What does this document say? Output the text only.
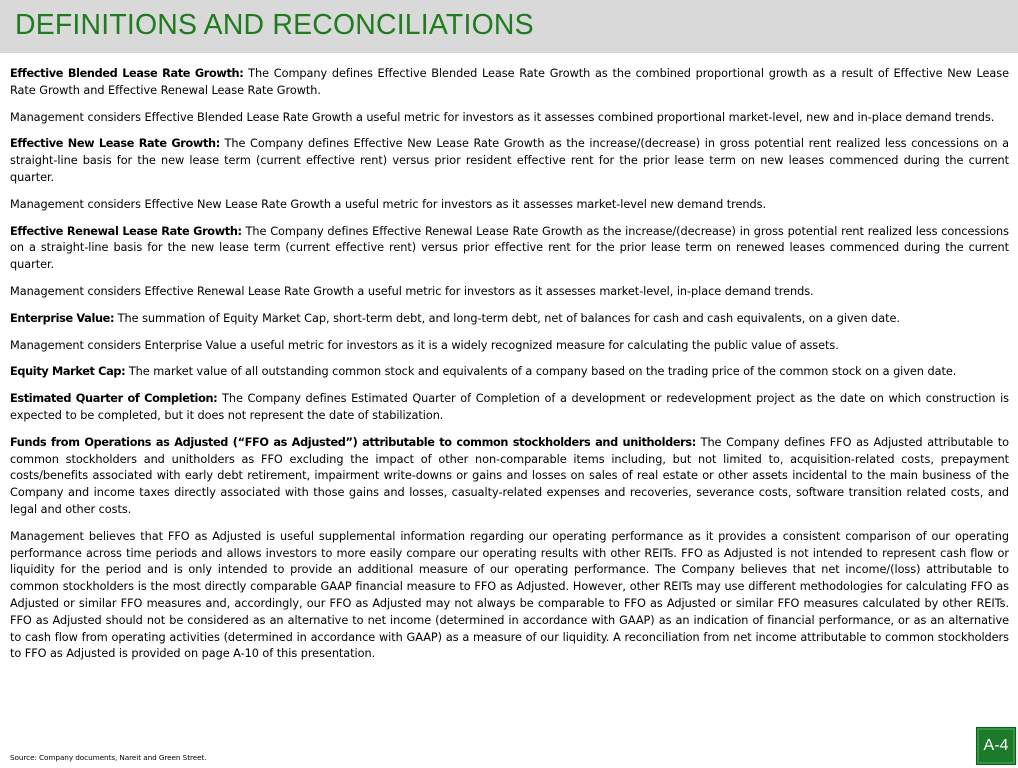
DEFINITIONS AND RECONCILIATIONS

Effective Blended Lease Rate Growth: The Company defines Effective Blended Lease Rate Growth as the combined proportional growth as a result of Effective New Lease Rate Growth and Effective Renewal Lease Rate Growth.

Management considers Effective Blended Lease Rate Growth a useful metric for investors as it assesses combined proportional market-level, new and in-place demand trends.

Effective New Lease Rate Growth: The Company defines Effective New Lease Rate Growth as the increase/(decrease) in gross potential rent realized less concessions on a straight-line basis for the new lease term (current effective rent) versus prior resident effective rent for the prior lease term on new leases commenced during the current quarter.

Management considers Effective New Lease Rate Growth a useful metric for investors as it assesses market-level new demand trends.

Effective Renewal Lease Rate Growth: The Company defines Effective Renewal Lease Rate Growth as the increase/(decrease) in gross potential rent realized less concessions on a straight-line basis for the new lease term (current effective rent) versus prior effective rent for the prior lease term on renewed leases commenced during the current quarter.

Management considers Effective Renewal Lease Rate Growth a useful metric for investors as it assesses market-level, in-place demand trends.

Enterprise Value: The summation of Equity Market Cap, short-term debt, and long-term debt, net of balances for cash and cash equivalents, on a given date.

Management considers Enterprise Value a useful metric for investors as it is a widely recognized measure for calculating the public value of assets.

Equity Market Cap: The market value of all outstanding common stock and equivalents of a company based on the trading price of the common stock on a given date.

Estimated Quarter of Completion: The Company defines Estimated Quarter of Completion of a development or redevelopment project as the date on which construction is expected to be completed, but it does not represent the date of stabilization.

Funds from Operations as Adjusted (“FFO as Adjusted”) attributable to common stockholders and unitholders: The Company defines FFO as Adjusted attributable to common stockholders and unitholders as FFO excluding the impact of other non-comparable items including, but not limited to, acquisition-related costs, prepayment costs/benefits associated with early debt retirement, impairment write-downs or gains and losses on sales of real estate or other assets incidental to the main business of the Company and income taxes directly associated with those gains and losses, casualty-related expenses and recoveries, severance costs, software transition related costs, and legal and other costs.

Management believes that FFO as Adjusted is useful supplemental information regarding our operating performance as it provides a consistent comparison of our operating performance across time periods and allows investors to more easily compare our operating results with other REITs. FFO as Adjusted is not intended to represent cash flow or liquidity for the period and is only intended to provide an additional measure of our operating performance. The Company believes that net income/(loss) attributable to common stockholders is the most directly comparable GAAP financial measure to FFO as Adjusted. However, other REITs may use different methodologies for calculating FFO as Adjusted or similar FFO measures and, accordingly, our FFO as Adjusted may not always be comparable to FFO as Adjusted or similar FFO measures calculated by other REITs. FFO as Adjusted should not be considered as an alternative to net income (determined in accordance with GAAP) as an indication of financial performance, or as an alternative to cash flow from operating activities (determined in accordance with GAAP) as a measure of our liquidity. A reconciliation from net income attributable to common stockholders to FFO as Adjusted is provided on page A-10 of this presentation.

Source: Company documents, Nareit and Green Street.
A-4
